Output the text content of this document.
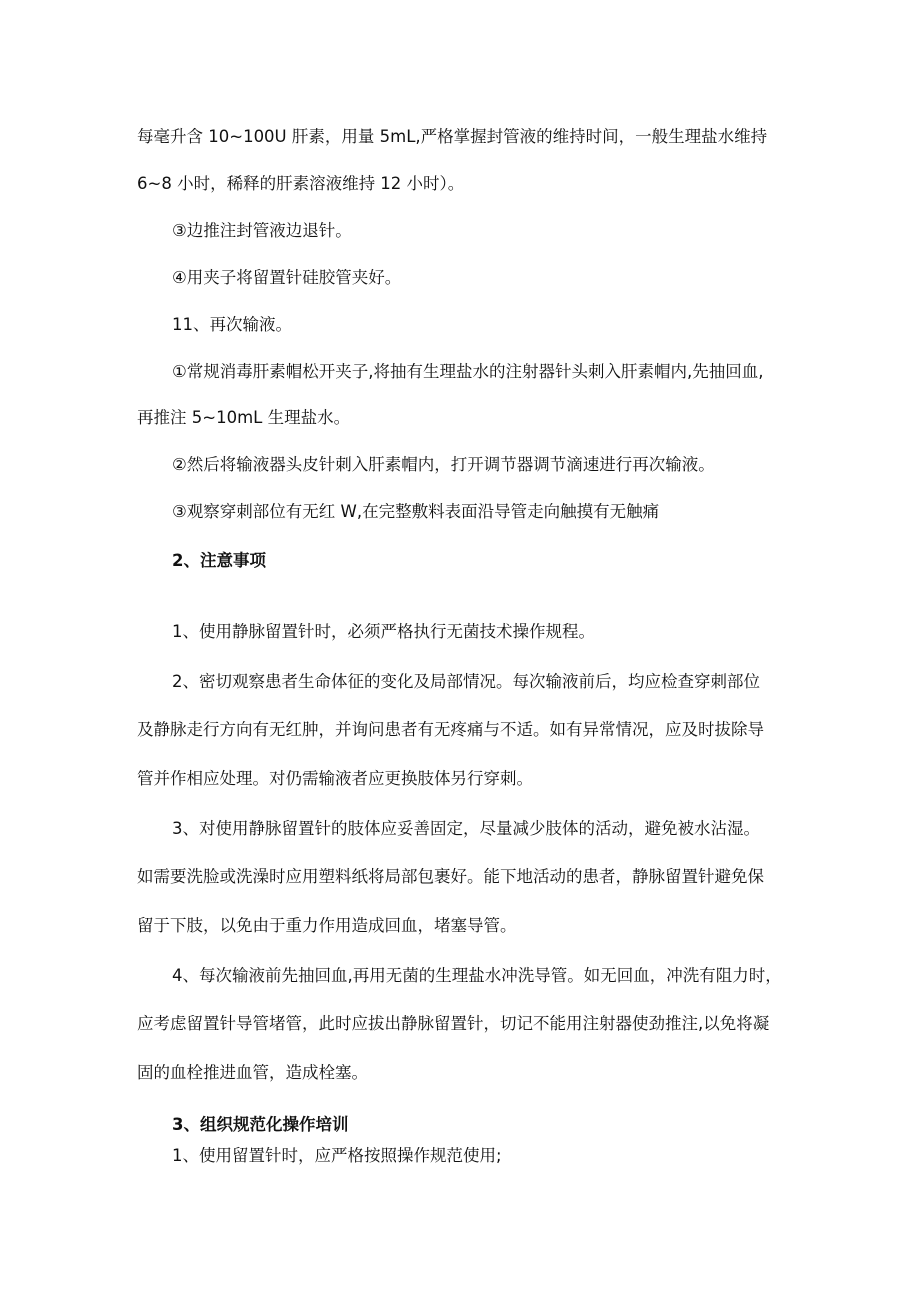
每毫升含 10~100U 肝素，用量 5mL,严格掌握封管液的维持时间，一般生理盐水维持
6~8 小时，稀释的肝素溶液维持 12 小时）。
③边推注封管液边退针。
④用夹子将留置针硅胶管夹好。
11、再次输液。
①常规消毒肝素帽松开夹子,将抽有生理盐水的注射器针头刺入肝素帽内,先抽回血,
再推注 5~10mL 生理盐水。
②然后将输液器头皮针刺入肝素帽内，打开调节器调节滴速进行再次输液。
③观察穿刺部位有无红 W,在完整敷料表面沿导管走向触摸有无触痛
2、注意事项
1、使用静脉留置针时，必须严格执行无菌技术操作规程。
2、密切观察患者生命体征的变化及局部情况。每次输液前后，均应检查穿刺部位
及静脉走行方向有无红肿，并询问患者有无疼痛与不适。如有异常情况，应及时拔除导
管并作相应处理。对仍需输液者应更换肢体另行穿刺。
3、对使用静脉留置针的肢体应妥善固定，尽量减少肢体的活动，避免被水沾湿。
如需要洗脸或洗澡时应用塑料纸将局部包裹好。能下地活动的患者，静脉留置针避免保
留于下肢，以免由于重力作用造成回血，堵塞导管。
4、每次输液前先抽回血,再用无菌的生理盐水冲洗导管。如无回血，冲洗有阻力时，
应考虑留置针导管堵管，此时应拔出静脉留置针，切记不能用注射器使劲推注,以免将凝
固的血栓推进血管，造成栓塞。
3、组织规范化操作培训
1、使用留置针时，应严格按照操作规范使用;
